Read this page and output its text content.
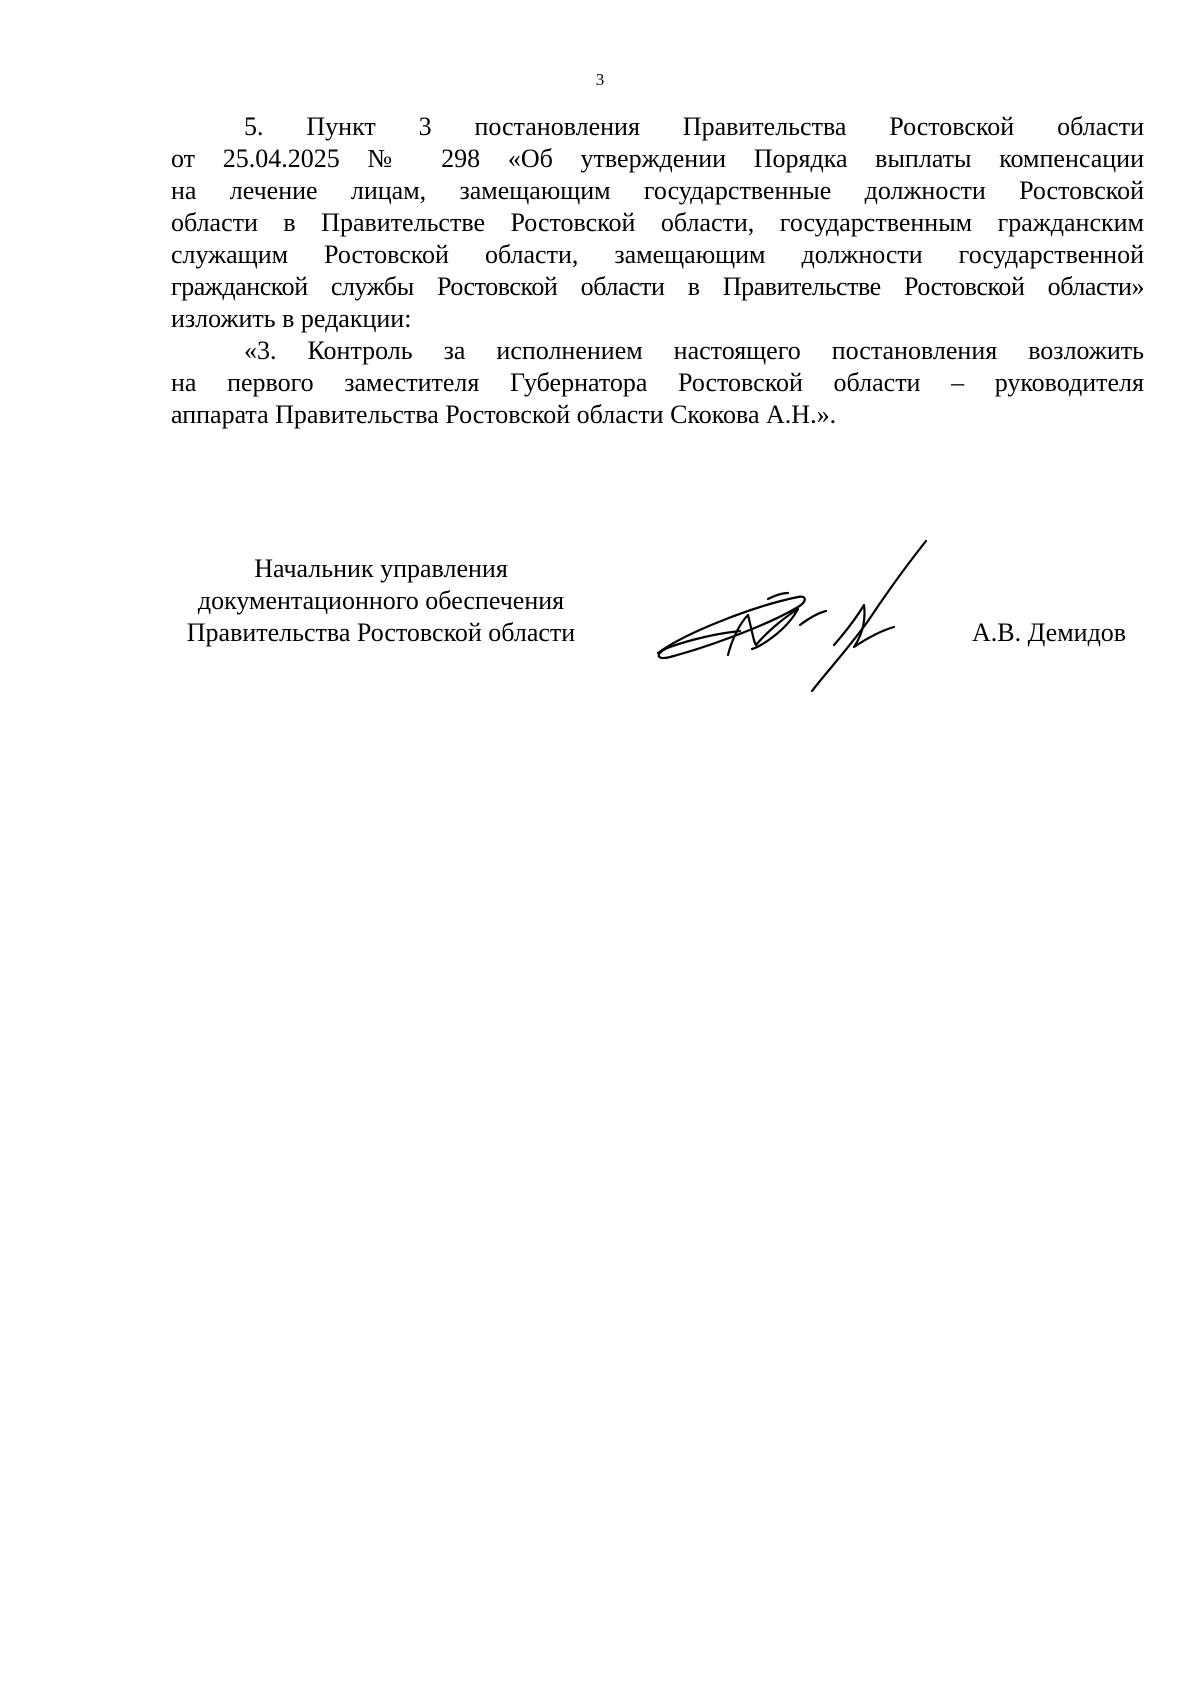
3

5. Пункт 3 постановления Правительства Ростовской области
от 25.04.2025 № 298 «Об утверждении Порядка выплаты компенсации
на лечение лицам, замещающим государственные должности Ростовской
области в Правительстве Ростовской области, государственным гражданским
служащим Ростовской области, замещающим должности государственной
гражданской службы Ростовской области в Правительстве Ростовской области»
изложить в редакции:

«3. Контроль за исполнением настоящего постановления возложить
на первого заместителя Губернатора Ростовской области – руководителя
аппарата Правительства Ростовской области Скокова А.Н.».

Начальник управления
документационного обеспечения
Правительства Ростовской области	А.В. Демидов
